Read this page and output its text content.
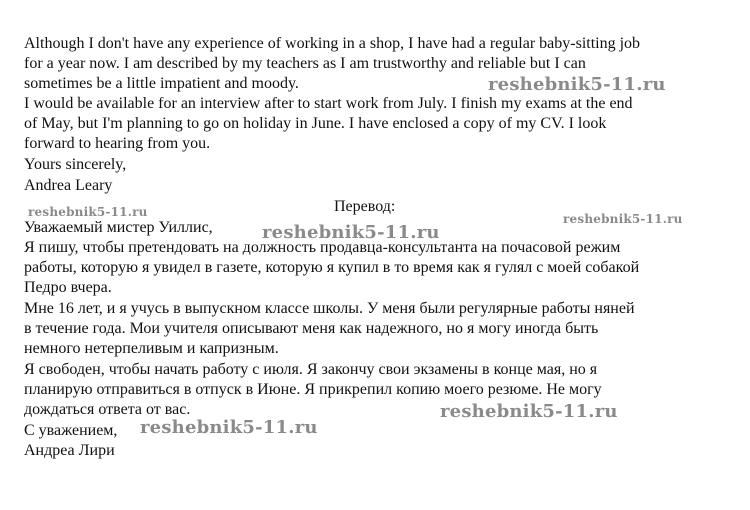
Although I don't have any experience of working in a shop, I have had a regular baby-sitting job
for a year now. I am described by my teachers as I am trustworthy and reliable but I can
sometimes be a little impatient and moody.
I would be available for an interview after to start work from July. I finish my exams at the end
of May, but I'm planning to go on holiday in June. I have enclosed a copy of my CV. I look
forward to hearing from you.
Yours sincerely,
Andrea Leary
Перевод:
Уважаемый мистер Уиллис,
Я пишу, чтобы претендовать на должность продавца-консультанта на почасовой режим
работы, которую я увидел в газете, которую я купил в то время как я гулял с моей собакой
Педро вчера.
Мне 16 лет, и я учусь в выпускном классе школы. У меня были регулярные работы няней
в течение года. Мои учителя описывают меня как надежного, но я могу иногда быть
немного нетерпеливым и капризным.
Я свободен, чтобы начать работу с июля. Я закончу свои экзамены в конце мая, но я
планирую отправиться в отпуск в Июне. Я прикрепил копию моего резюме. Не могу
дождаться ответа от вас.
С уважением,
Андреа Лири
reshebnik5-11.ru
reshebnik5-11.ru
reshebnik5-11.ru
reshebnik5-11.ru
reshebnik5-11.ru
reshebnik5-11.ru
